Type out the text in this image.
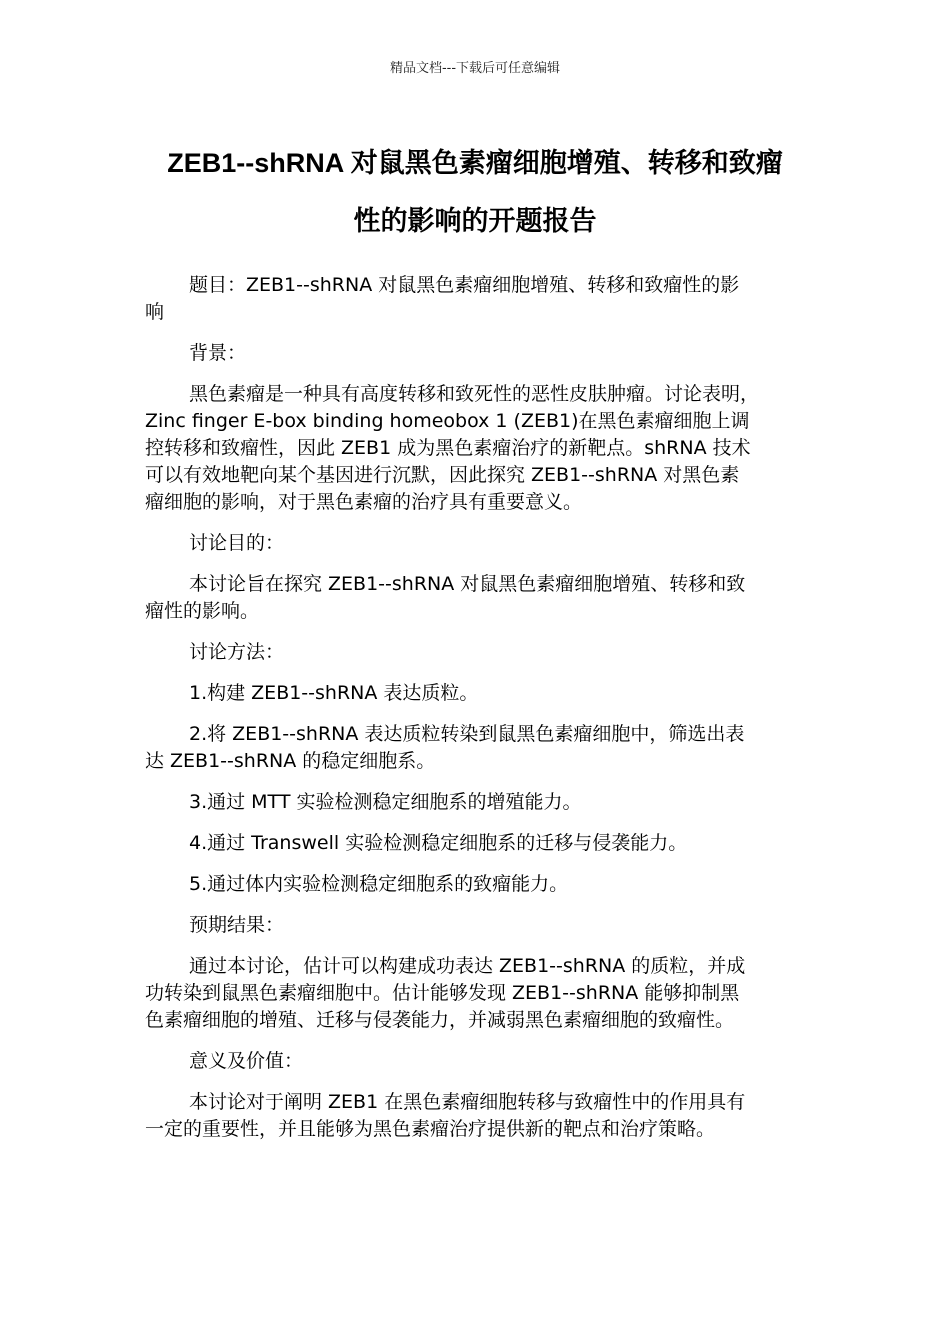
精品文档---下载后可任意编辑
ZEB1--shRNA 对鼠黑色素瘤细胞增殖、转移和致瘤
性的影响的开题报告

题目：ZEB1--shRNA 对鼠黑色素瘤细胞增殖、转移和致瘤性的影
响

背景：

黑色素瘤是一种具有高度转移和致死性的恶性皮肤肿瘤。讨论表明，
Zinc finger E-box binding homeobox 1 (ZEB1)在黑色素瘤细胞上调
控转移和致瘤性，因此 ZEB1 成为黑色素瘤治疗的新靶点。shRNA 技术
可以有效地靶向某个基因进行沉默，因此探究 ZEB1--shRNA 对黑色素
瘤细胞的影响，对于黑色素瘤的治疗具有重要意义。

讨论目的：

本讨论旨在探究 ZEB1--shRNA 对鼠黑色素瘤细胞增殖、转移和致
瘤性的影响。

讨论方法：

1.构建 ZEB1--shRNA 表达质粒。

2.将 ZEB1--shRNA 表达质粒转染到鼠黑色素瘤细胞中，筛选出表
达 ZEB1--shRNA 的稳定细胞系。

3.通过 MTT 实验检测稳定细胞系的增殖能力。

4.通过 Transwell 实验检测稳定细胞系的迁移与侵袭能力。

5.通过体内实验检测稳定细胞系的致瘤能力。

预期结果：

通过本讨论，估计可以构建成功表达 ZEB1--shRNA 的质粒，并成
功转染到鼠黑色素瘤细胞中。估计能够发现 ZEB1--shRNA 能够抑制黑
色素瘤细胞的增殖、迁移与侵袭能力，并减弱黑色素瘤细胞的致瘤性。

意义及价值：

本讨论对于阐明 ZEB1 在黑色素瘤细胞转移与致瘤性中的作用具有
一定的重要性，并且能够为黑色素瘤治疗提供新的靶点和治疗策略。
